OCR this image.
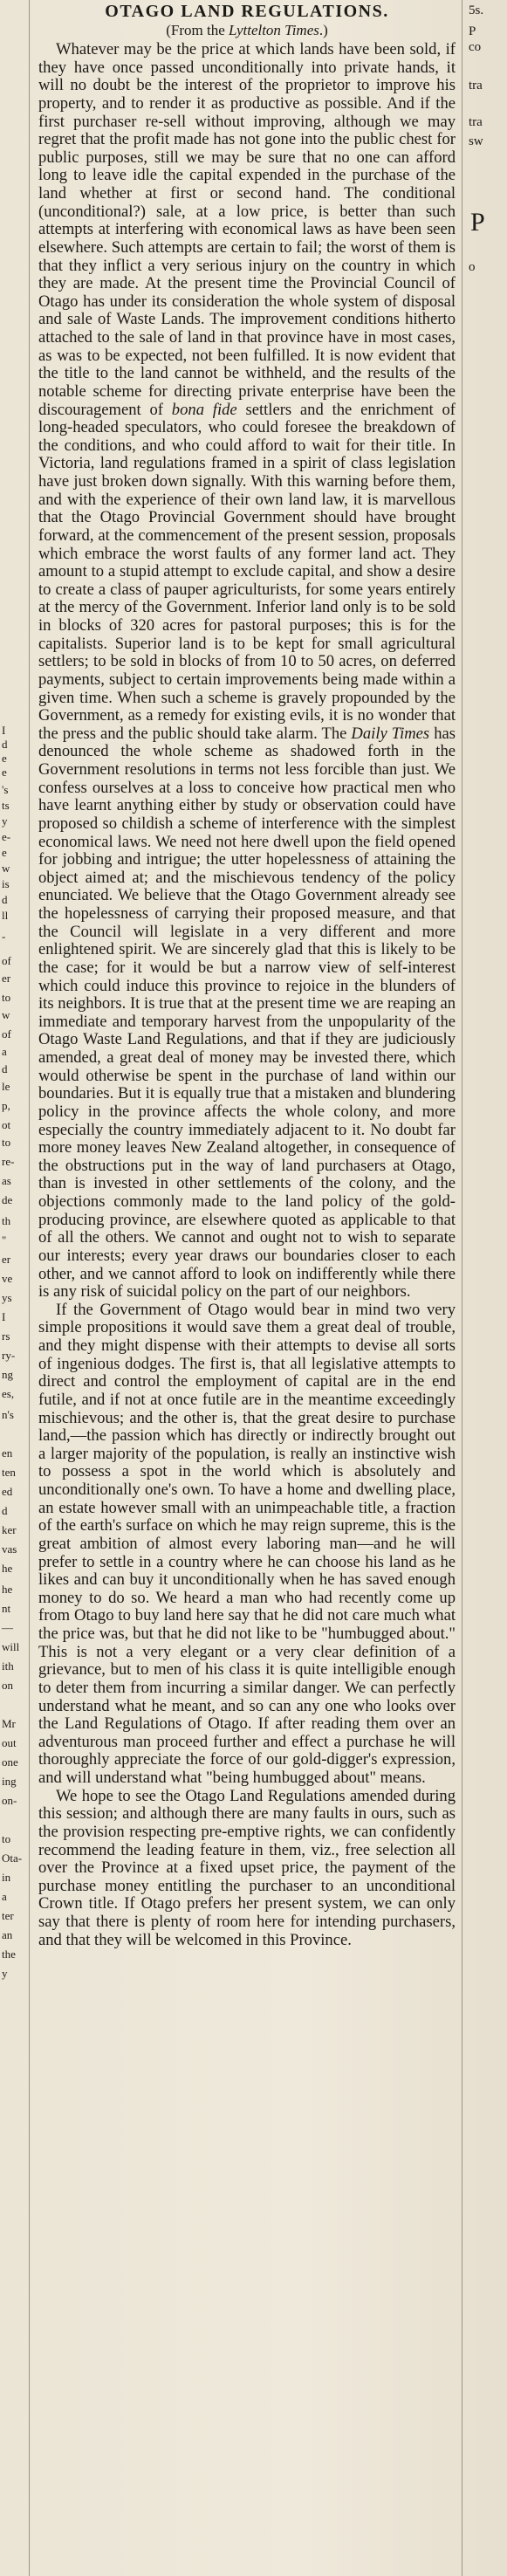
I
d
e
e
's
ts
y
e-
e
w
is
d
ll
-
of
er
to
w
of
a
d
le
p,
ot
to
re-
as
de
th
"
er
ve
ys
I
rs
ry-
ng
es,
n's
en
ten
ed
d
ker
vas
he
he
nt
—
will
ith
on
Mr
out
one
ing
on-
to
Ota-
in
a
ter
an
the
y
OTAGO LAND REGULATIONS.
(From the Lyttelton Times.)

Whatever may be the price at which lands have been sold, if they have once passed unconditionally into private hands, it will no doubt be the interest of the proprietor to improve his property, and to render it as productive as possible. And if the first purchaser re-sell without improving, although we may regret that the profit made has not gone into the public chest for public purposes, still we may be sure that no one can afford long to leave idle the capital expended in the purchase of the land whether at first or second hand. The conditional (unconditional?) sale, at a low price, is better than such attempts at interfering with economical laws as have been seen elsewhere. Such attempts are certain to fail; the worst of them is that they inflict a very serious injury on the country in which they are made. At the present time the Provincial Council of Otago has under its consideration the whole system of disposal and sale of Waste Lands. The improvement conditions hitherto attached to the sale of land in that province have in most cases, as was to be expected, not been fulfilled. It is now evident that the title to the land cannot be withheld, and the results of the notable scheme for directing private enterprise have been the discouragement of bona fide settlers and the enrichment of long-headed speculators, who could foresee the breakdown of the conditions, and who could afford to wait for their title. In Victoria, land regulations framed in a spirit of class legislation have just broken down signally. With this warning before them, and with the experience of their own land law, it is marvellous that the Otago Provincial Government should have brought forward, at the commencement of the present session, proposals which embrace the worst faults of any former land act. They amount to a stupid attempt to exclude capital, and show a desire to create a class of pauper agriculturists, for some years entirely at the mercy of the Government. Inferior land only is to be sold in blocks of 320 acres for pastoral purposes; this is for the capitalists. Superior land is to be kept for small agricultural settlers; to be sold in blocks of from 10 to 50 acres, on deferred payments, subject to certain improvements being made within a given time. When such a scheme is gravely propounded by the Government, as a remedy for existing evils, it is no wonder that the press and the public should take alarm. The Daily Times has denounced the whole scheme as shadowed forth in the Government resolutions in terms not less forcible than just. We confess ourselves at a loss to conceive how practical men who have learnt anything either by study or observation could have proposed so childish a scheme of interference with the simplest economical laws. We need not here dwell upon the field opened for jobbing and intrigue; the utter hopelessness of attaining the object aimed at; and the mischievous tendency of the policy enunciated. We believe that the Otago Government already see the hopelessness of carrying their proposed measure, and that the Council will legislate in a very different and more enlightened spirit. We are sincerely glad that this is likely to be the case; for it would be but a narrow view of self-interest which could induce this province to rejoice in the blunders of its neighbors. It is true that at the present time we are reaping an immediate and temporary harvest from the unpopularity of the Otago Waste Land Regulations, and that if they are judiciously amended, a great deal of money may be invested there, which would otherwise be spent in the purchase of land within our boundaries. But it is equally true that a mistaken and blundering policy in the province affects the whole colony, and more especially the country immediately adjacent to it. No doubt far more money leaves New Zealand altogether, in consequence of the obstructions put in the way of land purchasers at Otago, than is invested in other settlements of the colony, and the objections commonly made to the land policy of the gold-producing province, are elsewhere quoted as applicable to that of all the others. We cannot and ought not to wish to separate our interests; every year draws our boundaries closer to each other, and we cannot afford to look on indifferently while there is any risk of suicidal policy on the part of our neighbors.

If the Government of Otago would bear in mind two very simple propositions it would save them a great deal of trouble, and they might dispense with their attempts to devise all sorts of ingenious dodges. The first is, that all legislative attempts to direct and control the employment of capital are in the end futile, and if not at once futile are in the meantime exceedingly mischievous; and the other is, that the great desire to purchase land,—the passion which has directly or indirectly brought out a larger majority of the population, is really an instinctive wish to possess a spot in the world which is absolutely and unconditionally one's own. To have a home and dwelling place, an estate however small with an unimpeachable title, a fraction of the earth's surface on which he may reign supreme, this is the great ambition of almost every laboring man—and he will prefer to settle in a country where he can choose his land as he likes and can buy it unconditionally when he has saved enough money to do so. We heard a man who had recently come up from Otago to buy land here say that he did not care much what the price was, but that he did not like to be "humbugged about." This is not a very elegant or a very clear definition of a grievance, but to men of his class it is quite intelligible enough to deter them from incurring a similar danger. We can perfectly understand what he meant, and so can any one who looks over the Land Regulations of Otago. If after reading them over an adventurous man proceed further and effect a purchase he will thoroughly appreciate the force of our gold-digger's expression, and will understand what "being humbugged about" means.

We hope to see the Otago Land Regulations amended during this session; and although there are many faults in ours, such as the provision respecting pre-emptive rights, we can confidently recommend the leading feature in them, viz., free selection all over the Province at a fixed upset price, the payment of the purchase money entitling the purchaser to an unconditional Crown title. If Otago prefers her present system, we can only say that there is plenty of room here for intending purchasers, and that they will be welcomed in this Province.

P
o
5s.
P
co
tra
tra
sw
